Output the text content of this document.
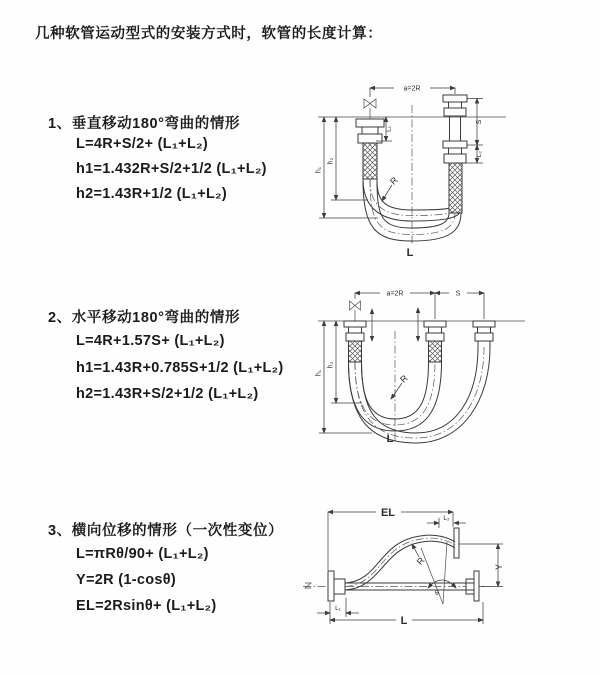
几种软管运动型式的安装方式时，软管的长度计算：
1、垂直移动180°弯曲的情形
L=4R+S/2+ (L₁+L₂)
h1=1.432R+S/2+1/2 (L₁+L₂)
h2=1.43R+1/2 (L₁+L₂)
2、水平移动180°弯曲的情形
L=4R+1.57S+ (L₁+L₂)
h1=1.43R+0.785S+1/2 (L₁+L₂)
h2=1.43R+S/2+1/2 (L₁+L₂)
3、横向位移的情形（一次性变位）
L=πRθ/90+ (L₁+L₂)
Y=2R (1-cosθ)
EL=2Rsinθ+ (L₁+L₂)
R
a=2R
S
L₂
h₁
h₂
L₁
L
a=2R	S
R
h₁
h₂
L
EL	L₂
R
θ
Y
L₁
L
